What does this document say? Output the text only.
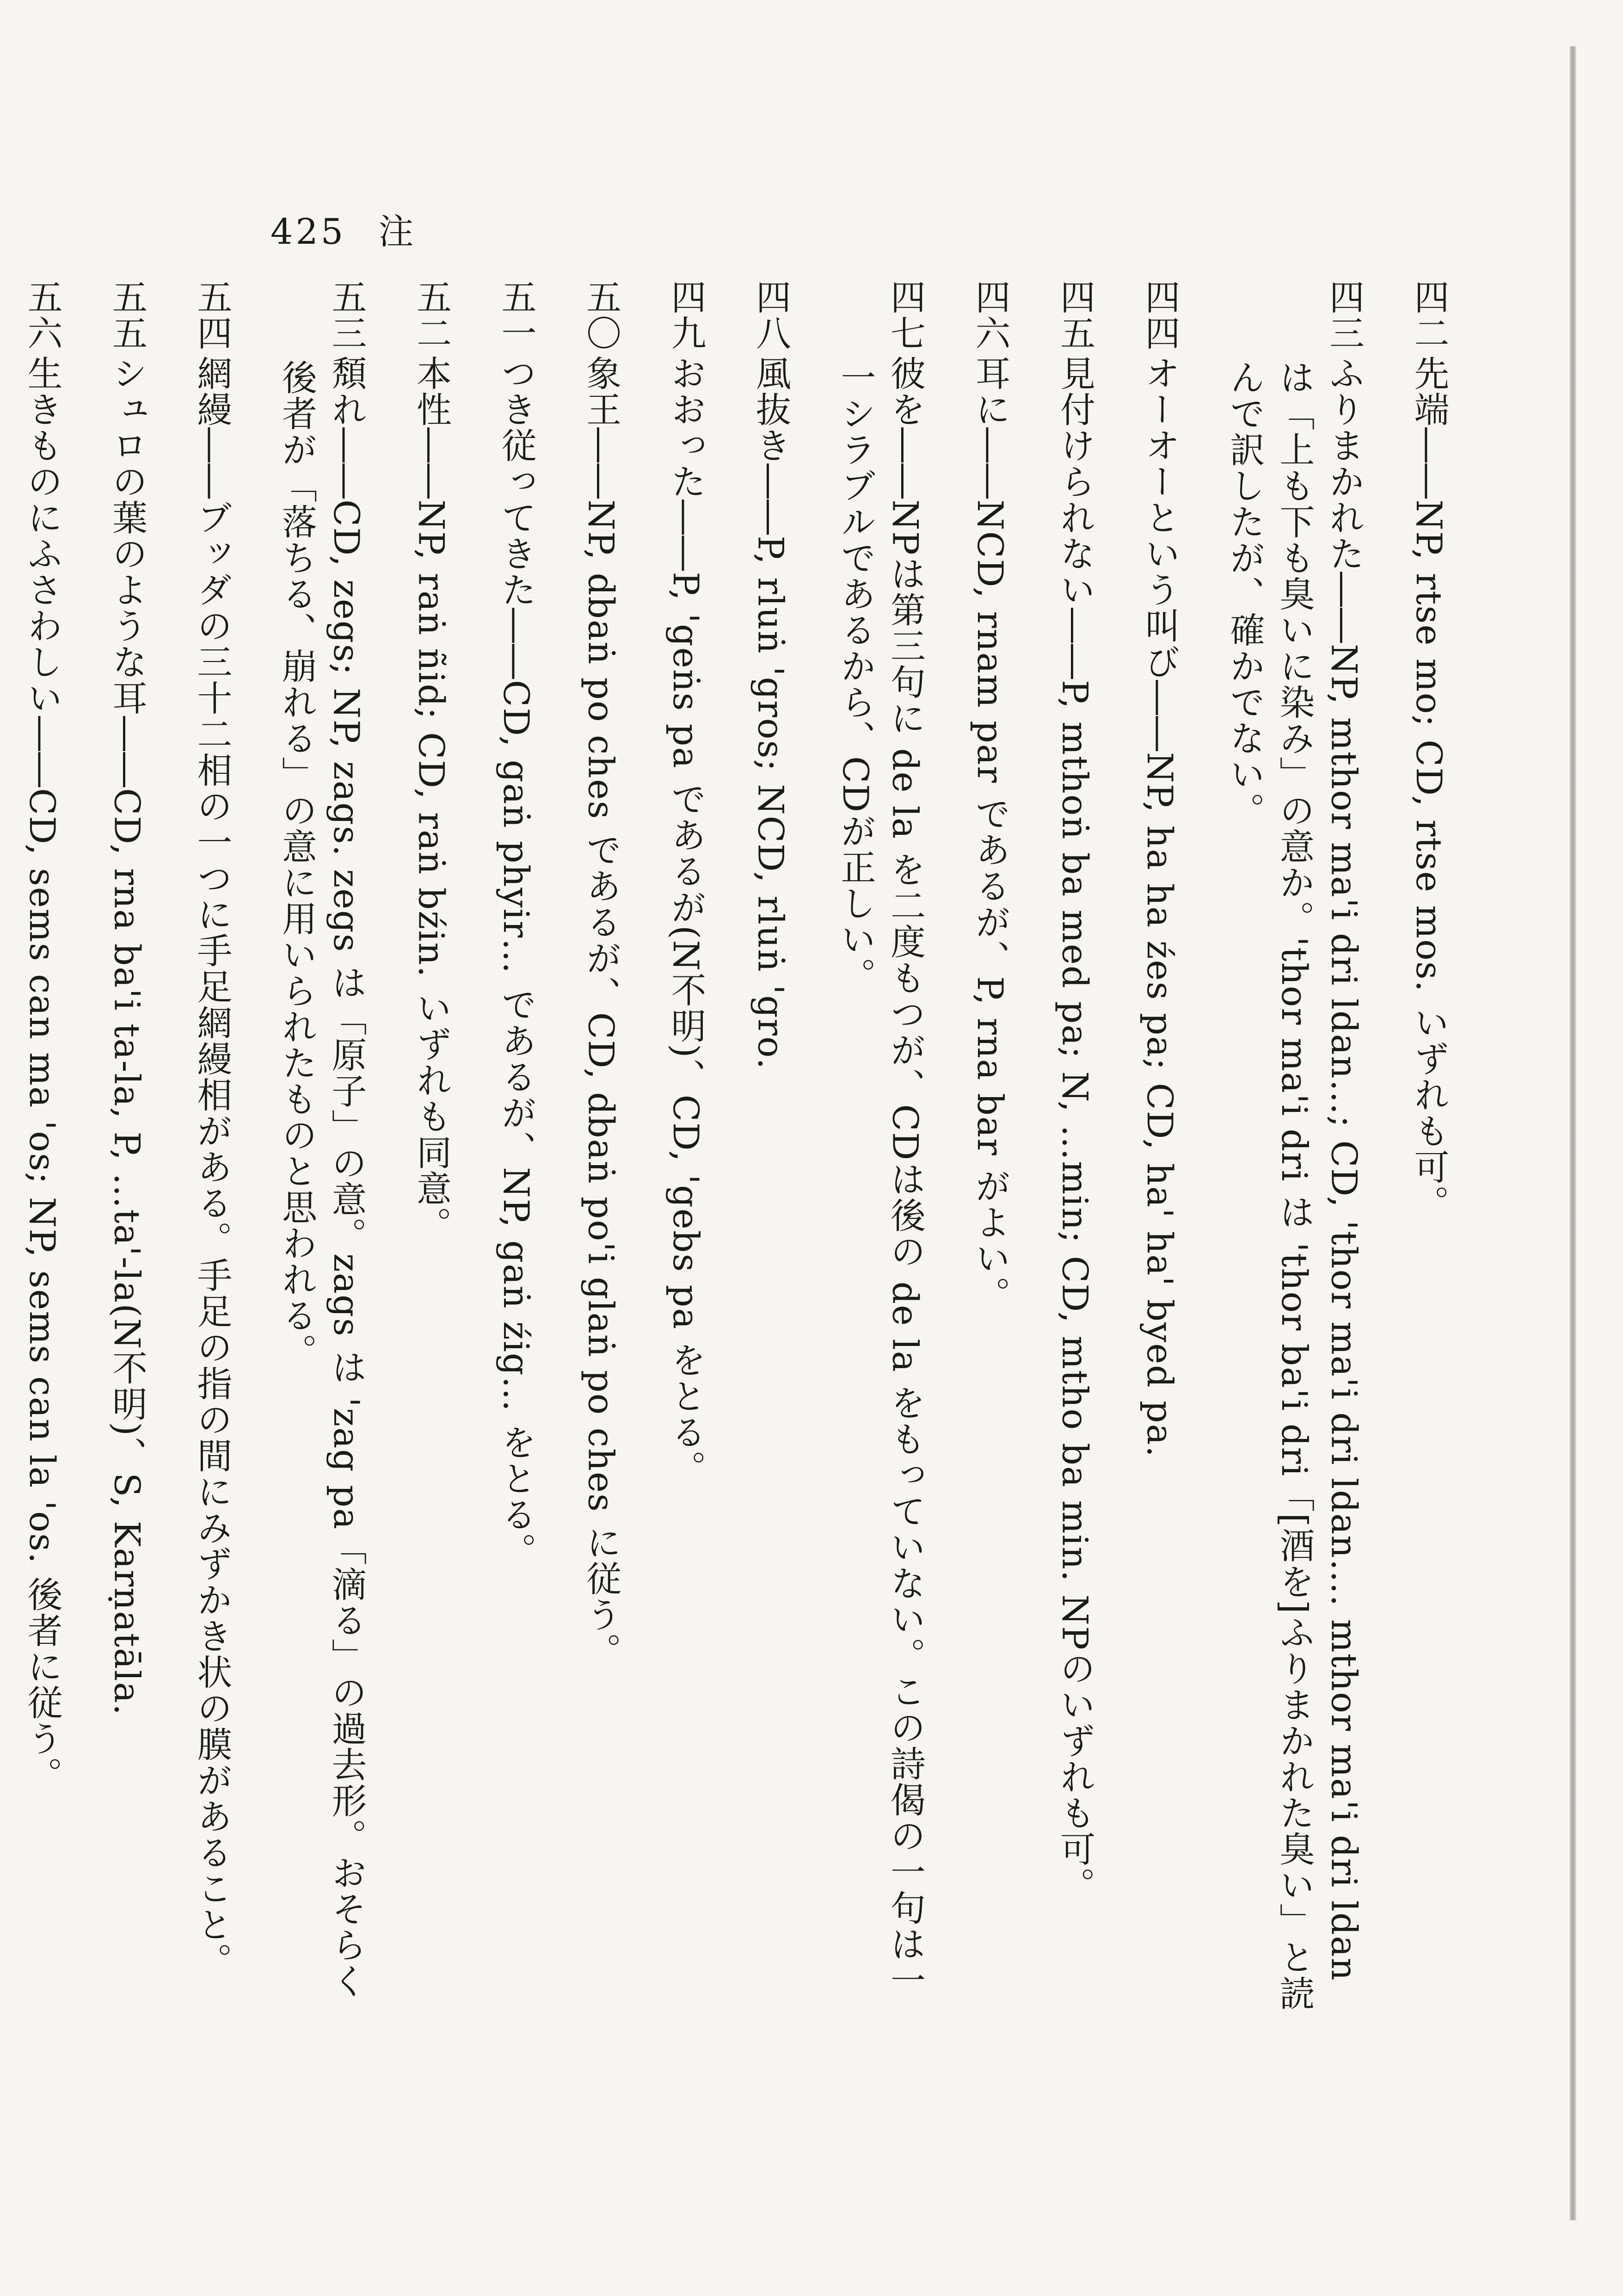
425 注

四二先端――NP, rtse mo; CD, rtse mos. いずれも可。

四三ふりまかれた――NP, mthor ma'i dri ldan…; CD, 'thor ma'i dri ldan…. mthor ma'i dri ldan は「上も下も臭いに染み」の意か。'thor ma'i dri は 'thor ba'i dri「[酒を]ふりまかれた臭い」と読んで訳したが、確かでない。

四四オーオーという叫び――NP, ha ha źes pa; CD, ha' ha' byed pa.

四五見付けられない――P, mthoṅ ba med pa; N, …min; CD, mtho ba min. NPのいずれも可。

四六耳に――NCD, rnam par であるが、P, rna bar がよい。

四七彼を――NPは第三句に de la を二度もつが、CDは後の de la をもっていない。この詩偈の一句は一一シラブルであるから、CDが正しい。

四八風抜き――P, rluṅ 'gros; NCD, rluṅ 'gro.

四九おおった――P, 'geṅs pa であるが(N不明)、CD, 'gebs pa をとる。

五〇象王――NP, dbaṅ po ches であるが、CD, dbaṅ po'i glaṅ po ches に従う。

五一つき従ってきた――CD, gaṅ phyir… であるが、NP, gaṅ źig… をとる。

五二本性――NP, raṅ ñid; CD, raṅ bźin. いずれも同意。

五三頽れ――CD, zegs; NP, zags. zegs は「原子」の意。zags は 'zag pa「滴る」の過去形。おそらく後者が「落ちる、崩れる」の意に用いられたものと思われる。

五四網縵――ブッダの三十二相の一つに手足網縵相がある。手足の指の間にみずかき状の膜があること。

五五シュロの葉のような耳――CD, rna ba'i ta-la, P, …ta'-la(N不明)、S, Karṇatāla.

五六生きものにふさわしい――CD, sems can ma 'os; NP, sems can la 'os. 後者に従う。
